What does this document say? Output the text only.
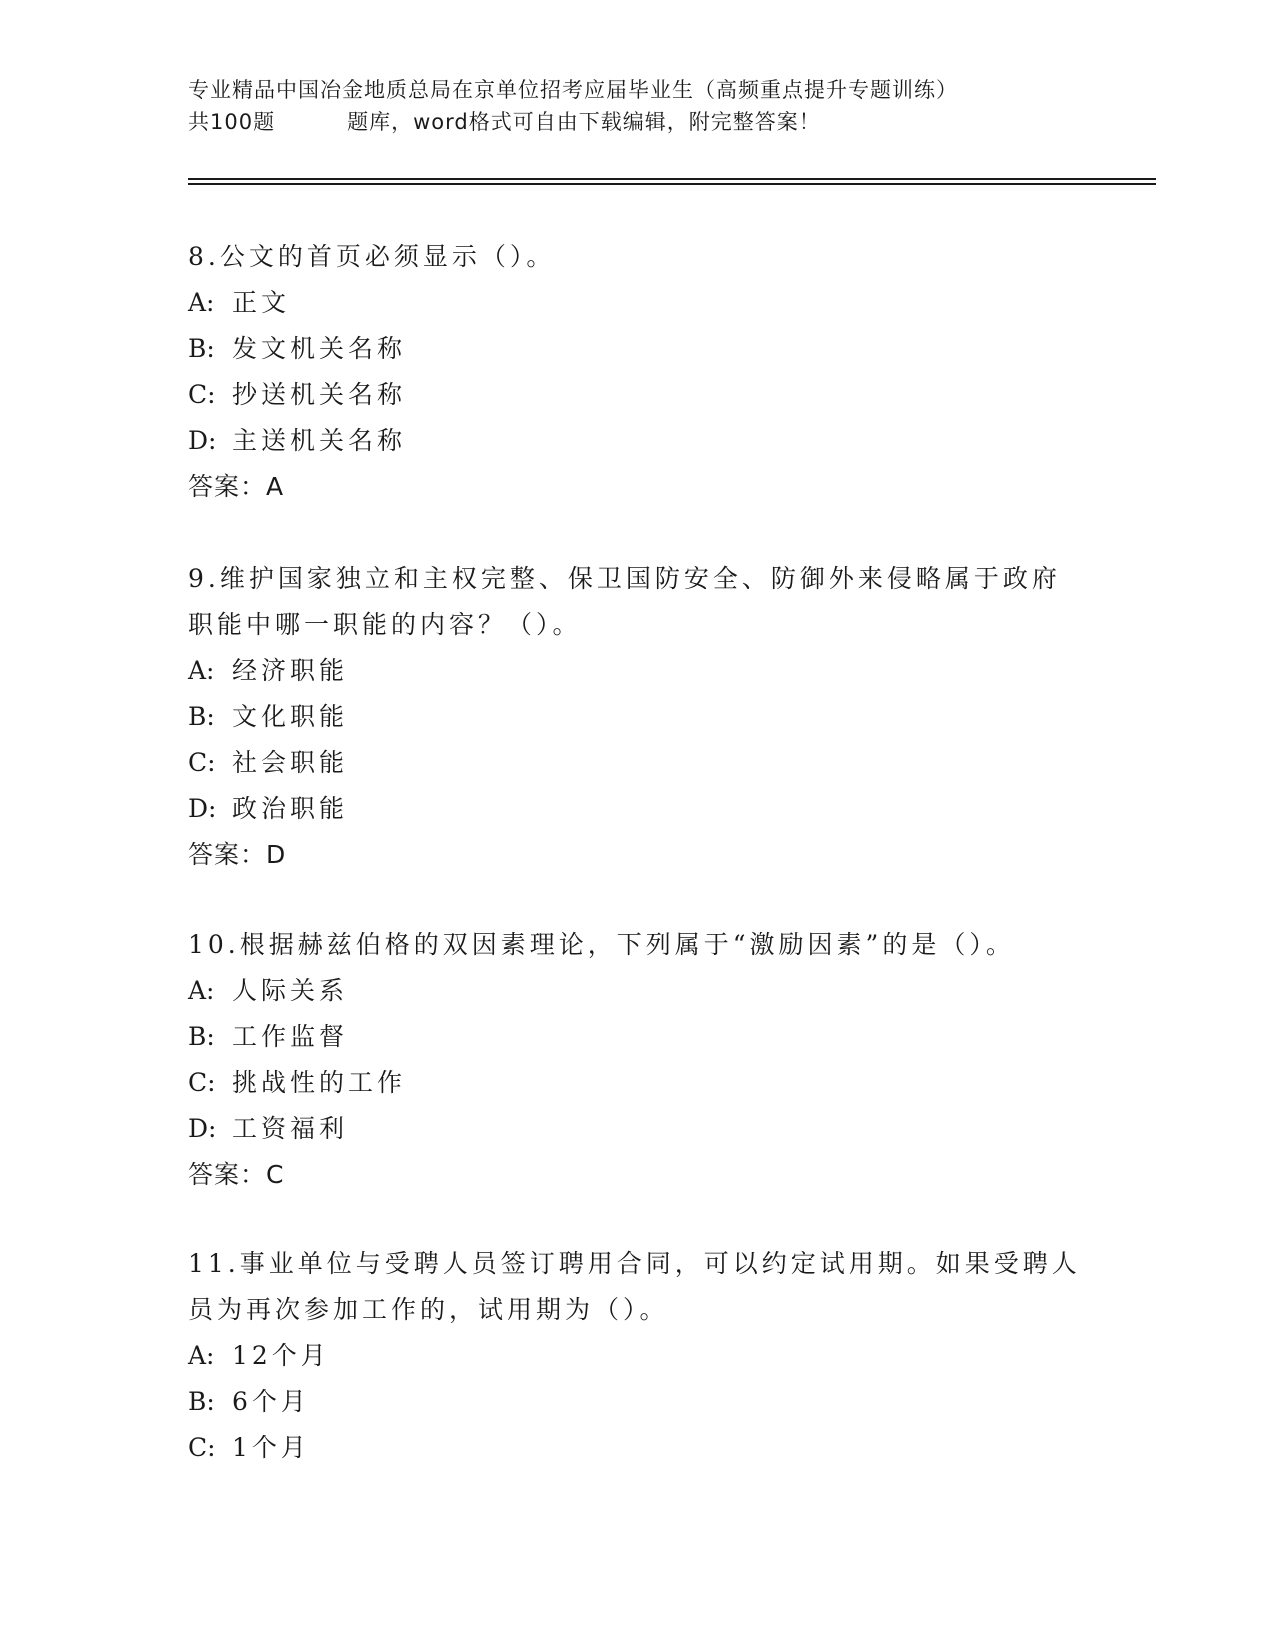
专业精品中国冶金地质总局在京单位招考应届毕业生（高频重点提升专题训练）
共100题	题库，word格式可自由下载编辑，附完整答案！

8.公文的首页必须显示（）。

A: 正文

B: 发文机关名称

C: 抄送机关名称

D: 主送机关名称

答案：A

9.维护国家独立和主权完整、保卫国防安全、防御外来侵略属于政府

职能中哪一职能的内容？（）。

A: 经济职能

B: 文化职能

C: 社会职能

D: 政治职能

答案：D

10.根据赫兹伯格的双因素理论，下列属于“激励因素”的是（）。

A: 人际关系

B: 工作监督

C: 挑战性的工作

D: 工资福利

答案：C

11.事业单位与受聘人员签订聘用合同，可以约定试用期。如果受聘人

员为再次参加工作的，试用期为（）。

A: 12个月

B: 6个月

C: 1个月
